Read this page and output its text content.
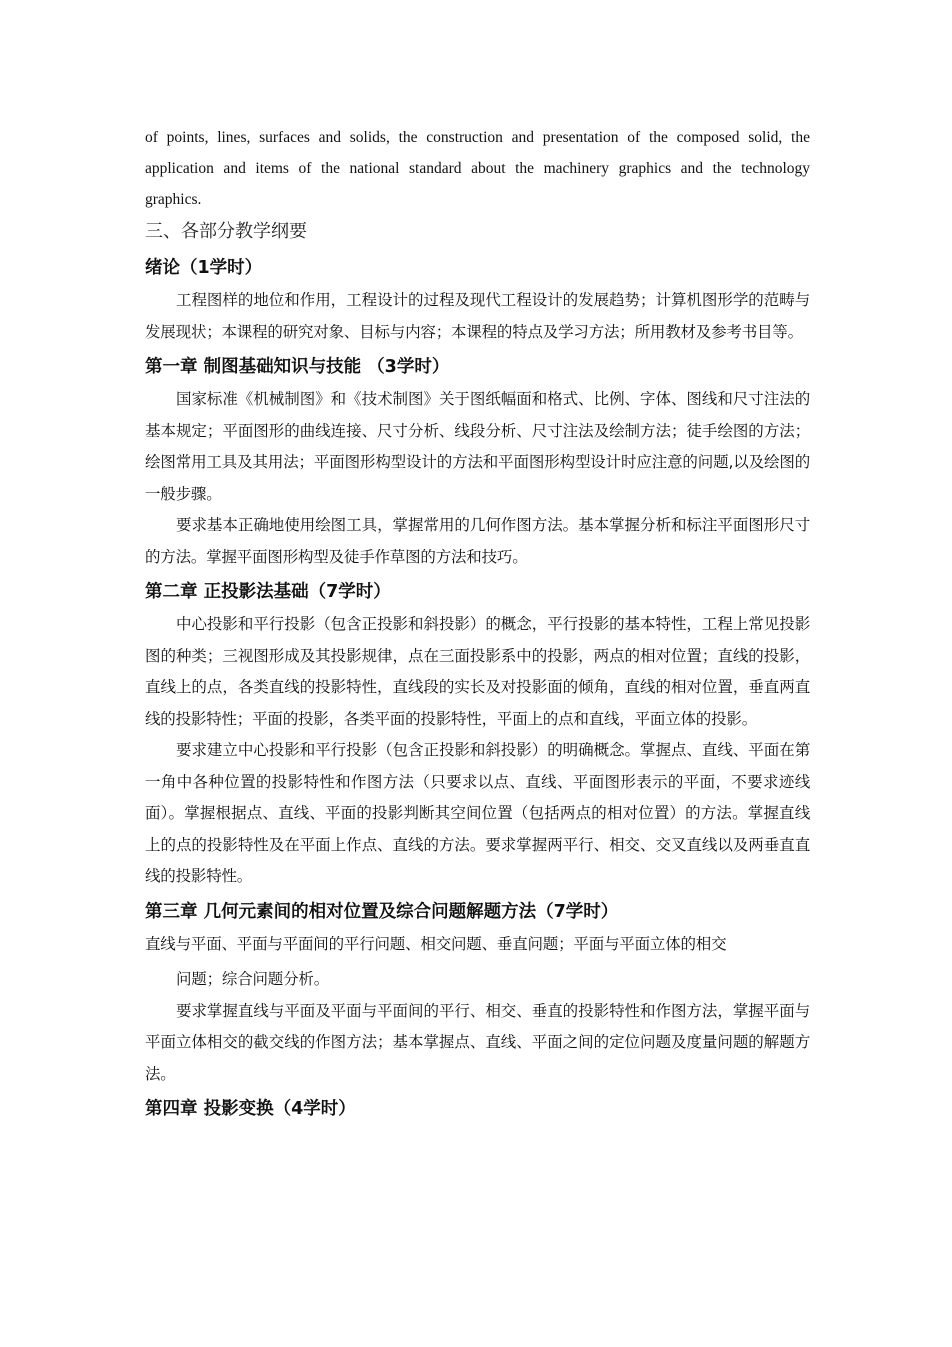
of points, lines, surfaces and solids, the construction and presentation of the composed solid, the

application and items of the national standard about the machinery graphics and the technology

graphics.

三、各部分教学纲要

绪论（1学时）

工程图样的地位和作用，工程设计的过程及现代工程设计的发展趋势；计算机图形学的范畴与发展现状；本课程的研究对象、目标与内容；本课程的特点及学习方法；所用教材及参考书目等。

第一章 制图基础知识与技能 （3学时）

国家标准《机械制图》和《技术制图》关于图纸幅面和格式、比例、字体、图线和尺寸注法的基本规定；平面图形的曲线连接、尺寸分析、线段分析、尺寸注法及绘制方法；徒手绘图的方法；绘图常用工具及其用法；平面图形构型设计的方法和平面图形构型设计时应注意的问题,以及绘图的一般步骤。

要求基本正确地使用绘图工具，掌握常用的几何作图方法。基本掌握分析和标注平面图形尺寸的方法。掌握平面图形构型及徒手作草图的方法和技巧。

第二章 正投影法基础（7学时）

中心投影和平行投影（包含正投影和斜投影）的概念，平行投影的基本特性，工程上常见投影图的种类；三视图形成及其投影规律，点在三面投影系中的投影，两点的相对位置；直线的投影，直线上的点，各类直线的投影特性，直线段的实长及对投影面的倾角，直线的相对位置，垂直两直线的投影特性；平面的投影，各类平面的投影特性，平面上的点和直线，平面立体的投影。

要求建立中心投影和平行投影（包含正投影和斜投影）的明确概念。掌握点、直线、平面在第一角中各种位置的投影特性和作图方法（只要求以点、直线、平面图形表示的平面，不要求迹线面）。掌握根据点、直线、平面的投影判断其空间位置（包括两点的相对位置）的方法。掌握直线上的点的投影特性及在平面上作点、直线的方法。要求掌握两平行、相交、交叉直线以及两垂直直线的投影特性。

第三章 几何元素间的相对位置及综合问题解题方法（7学时）

直线与平面、平面与平面间的平行问题、相交问题、垂直问题；平面与平面立体的相交

问题；综合问题分析。

要求掌握直线与平面及平面与平面间的平行、相交、垂直的投影特性和作图方法，掌握平面与平面立体相交的截交线的作图方法；基本掌握点、直线、平面之间的定位问题及度量问题的解题方法。

第四章 投影变换（4学时）
